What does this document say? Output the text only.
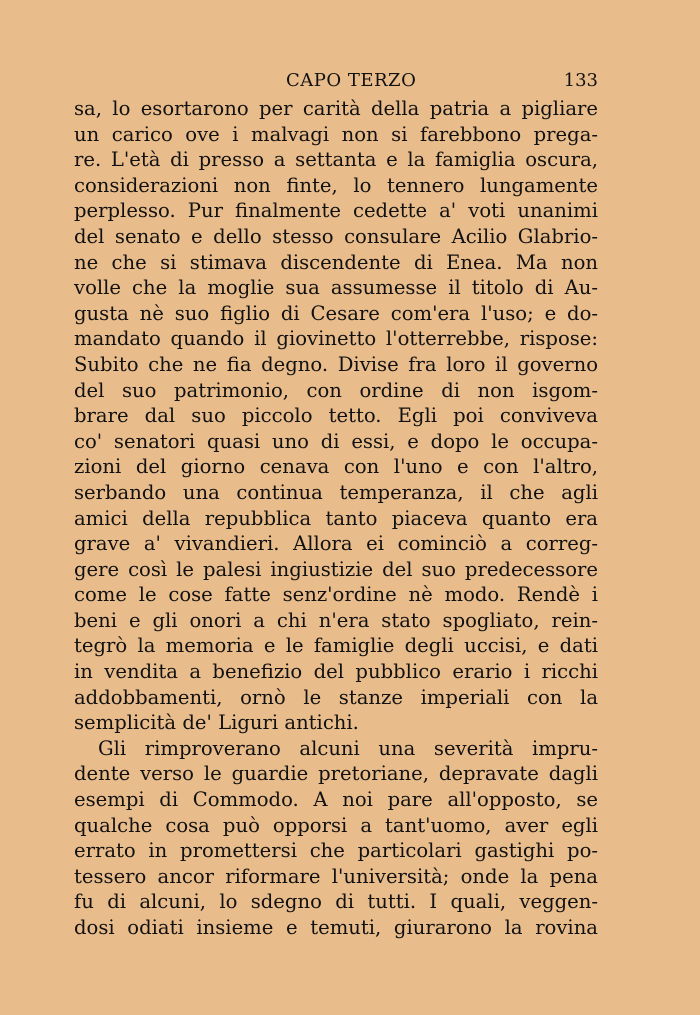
CAPO TERZO	133
sa, lo esortarono per carità della patria a pigliare
un carico ove i malvagi non si farebbono prega-
re. L'età di presso a settanta e la famiglia oscura,
considerazioni non finte, lo tennero lungamente
perplesso. Pur finalmente cedette a' voti unanimi
del senato e dello stesso consulare Acilio Glabrio-
ne che si stimava discendente di Enea. Ma non
volle che la moglie sua assumesse il titolo di Au-
gusta nè suo figlio di Cesare com'era l'uso; e do-
mandato quando il giovinetto l'otterrebbe, rispose:
Subito che ne fia degno. Divise fra loro il governo
del suo patrimonio, con ordine di non isgom-
brare dal suo piccolo tetto. Egli poi conviveva
co' senatori quasi uno di essi, e dopo le occupa-
zioni del giorno cenava con l'uno e con l'altro,
serbando una continua temperanza, il che agli
amici della repubblica tanto piaceva quanto era
grave a' vivandieri. Allora ei cominciò a correg-
gere così le palesi ingiustizie del suo predecessore
come le cose fatte senz'ordine nè modo. Rendè i
beni e gli onori a chi n'era stato spogliato, rein-
tegrò la memoria e le famiglie degli uccisi, e dati
in vendita a benefizio del pubblico erario i ricchi
addobbamenti, ornò le stanze imperiali con la
semplicità de' Liguri antichi.
Gli rimproverano alcuni una severità impru-
dente verso le guardie pretoriane, depravate dagli
esempi di Commodo. A noi pare all'opposto, se
qualche cosa può opporsi a tant'uomo, aver egli
errato in promettersi che particolari gastighi po-
tessero ancor riformare l'università; onde la pena
fu di alcuni, lo sdegno di tutti. I quali, veggen-
dosi odiati insieme e temuti, giurarono la rovina
